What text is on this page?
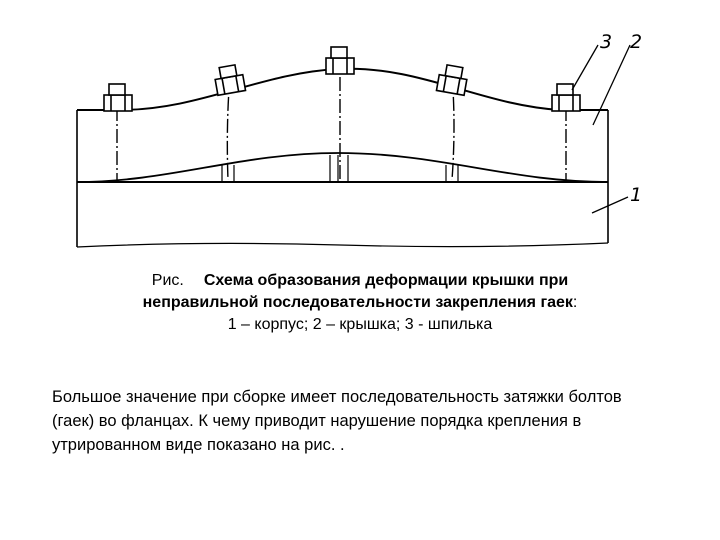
3 2
1
Рис. Схема образования деформации крышки при
неправильной последовательности закрепления гаек:
1 – корпус; 2 – крышка; 3 - шпилька
Большое значение при сборке имеет последовательность затяжки болтов
(гаек) во фланцах. К чему приводит нарушение порядка крепления в
утрированном виде показано на рис. .
